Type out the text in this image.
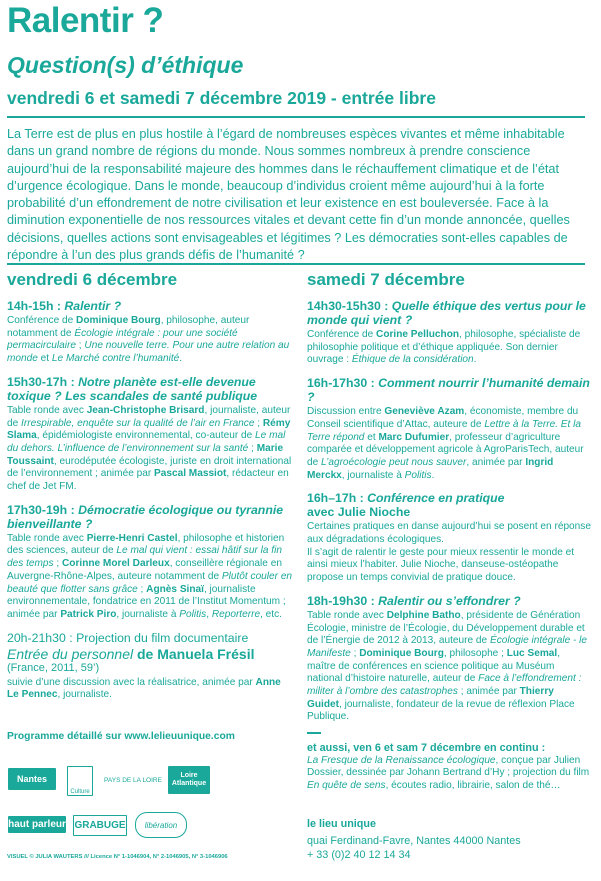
Ralentir ?
Question(s) d’éthique
vendredi 6 et samedi 7 décembre 2019 - entrée libre

La Terre est de plus en plus hostile à l’égard de nombreuses espèces vivantes et même inhabitable dans un grand nombre de régions du monde. Nous sommes nombreux à prendre conscience aujourd’hui de la responsabilité majeure des hommes dans le réchauffement climatique et de l’état d’urgence écologique. Dans le monde, beaucoup d’individus croient même aujourd’hui à la forte probabilité d’un effondrement de notre civilisation et leur existence en est bouleversée. Face à la diminution exponentielle de nos ressources vitales et devant cette fin d’un monde annoncée, quelles décisions, quelles actions sont envisageables et légitimes ? Les démocraties sont-elles capables de répondre à l’un des plus grands défis de l’humanité ?

vendredi 6 décembre
14h-15h : Ralentir ?
Conférence de Dominique Bourg, philosophe, auteur notamment de Écologie intégrale : pour une société permacirculaire ; Une nouvelle terre. Pour une autre relation au monde et Le Marché contre l’humanité.
15h30-17h : Notre planète est-elle devenue toxique ? Les scandales de santé publique
Table ronde avec Jean-Christophe Brisard, journaliste, auteur de Irrespirable, enquête sur la qualité de l’air en France ; Rémy Slama, épidémiologiste environnemental, co-auteur de Le mal du dehors. L’influence de l’environnement sur la santé ; Marie Toussaint, eurodéputée écologiste, juriste en droit international de l’environnement ; animée par Pascal Massiot, rédacteur en chef de Jet FM.
17h30-19h : Démocratie écologique ou tyrannie bienveillante ?
Table ronde avec Pierre-Henri Castel, philosophe et historien des sciences, auteur de Le mal qui vient : essai hâtif sur la fin des temps ; Corinne Morel Darleux, conseillère régionale en Auvergne-Rhône-Alpes, auteure notamment de Plutôt couler en beauté que flotter sans grâce ; Agnès Sinaï, journaliste environnementale, fondatrice en 2011 de l’Institut Momentum ; animée par Patrick Piro, journaliste à Politis, Reporterre, etc.
20h-21h30 : Projection du film documentaire
Entrée du personnel de Manuela Frésil
(France, 2011, 59’)
suivie d’une discussion avec la réalisatrice, animée par Anne Le Pennec, journaliste.
samedi 7 décembre
14h30-15h30 : Quelle éthique des vertus pour le monde qui vient ?
Conférence de Corine Pelluchon, philosophe, spécialiste de philosophie politique et d’éthique appliquée. Son dernier ouvrage : Éthique de la considération.
16h-17h30 : Comment nourrir l’humanité demain ?
Discussion entre Geneviève Azam, économiste, membre du Conseil scientifique d’Attac, auteure de Lettre à la Terre. Et la Terre répond et Marc Dufumier, professeur d’agriculture comparée et développement agricole à AgroParisTech, auteur de L’agroécologie peut nous sauver, animée par Ingrid Merckx, journaliste à Politis.
16h–17h : Conférence en pratique
avec Julie Nioche
Certaines pratiques en danse aujourd’hui se posent en réponse aux dégradations écologiques.
Il s’agit de ralentir le geste pour mieux ressentir le monde et ainsi mieux l’habiter. Julie Nioche, danseuse-ostéopathe propose un temps convivial de pratique douce.
18h-19h30 : Ralentir ou s’effondrer ?
Table ronde avec Delphine Batho, présidente de Génération Écologie, ministre de l’Écologie, du Développement durable et de l’Énergie de 2012 à 2013, auteure de Écologie intégrale - le Manifeste ; Dominique Bourg, philosophe ; Luc Semal, maître de conférences en science politique au Muséum national d’histoire naturelle, auteur de Face à l’effondrement : militer à l’ombre des catastrophes ; animée par Thierry Guidet, journaliste, fondateur de la revue de réflexion Place Publique.
Programme détaillé sur www.lelieuunique.com
et aussi, ven 6 et sam 7 décembre en continu :
La Fresque de la Renaissance écologique, conçue par Julien Dossier, dessinée par Johann Bertrand d’Hy ; projection du film En quête de sens, écoutes radio, librairie, salon de thé…
le lieu unique
quai Ferdinand-Favre, Nantes 44000 Nantes
+ 33 (0)2 40 12 14 34
Nantes
Culture
PAYS DE LA LOIRE
Loire Atlantique
haut parleur GRABUGE	libération
VISUEL © JULIA WAUTERS /// Licence N° 1-1046904, N° 2-1046905, N° 3-1046906
